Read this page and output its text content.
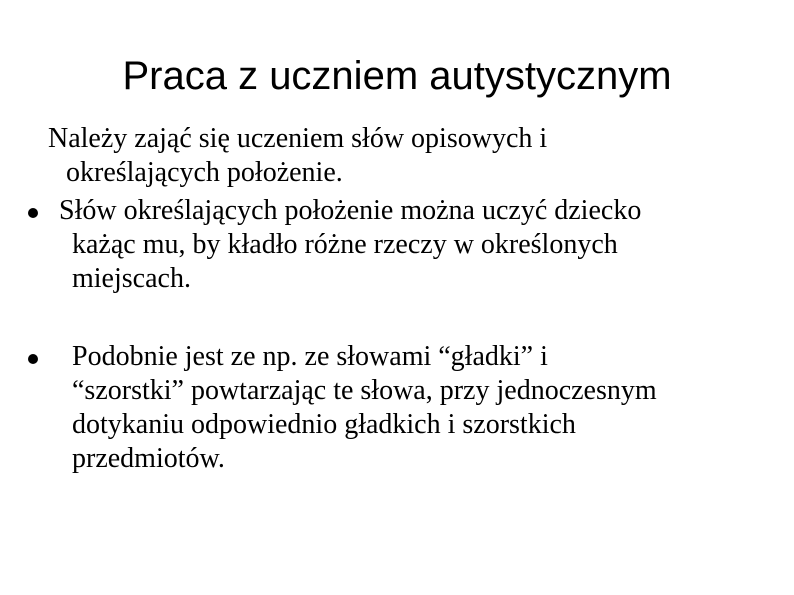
Praca z uczniem autystycznym
Należy zająć się uczeniem słów opisowych i
określających położenie.
Słów określających położenie można uczyć dziecko
każąc mu, by kładło różne rzeczy w określonych
miejscach.
Podobnie jest ze np. ze słowami “gładki” i
“szorstki” powtarzając te słowa, przy jednoczesnym
dotykaniu odpowiednio gładkich i szorstkich
przedmiotów.
